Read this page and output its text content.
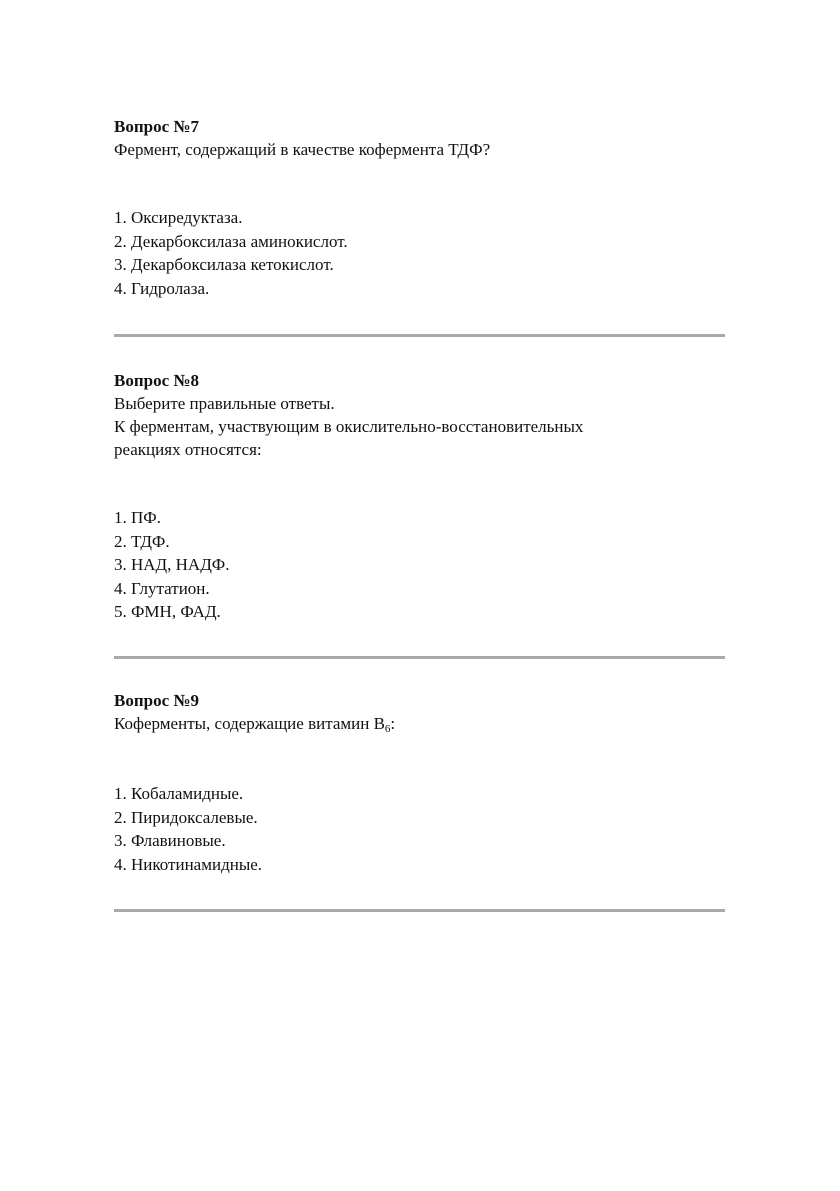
Вопрос №7

Фермент, содержащий в качестве кофермента ТДФ?

1. Оксиредуктаза.
2. Декарбоксилаза аминокислот.
3. Декарбоксилаза кетокислот.
4. Гидролаза.

Вопрос №8

Выберите правильные ответы.

К ферментам, участвующим в окислительно-восстановительных

реакциях относятся:

1. ПФ.
2. ТДФ.
3. НАД, НАДФ.
4. Глутатион.
5. ФМН, ФАД.

Вопрос №9

Коферменты, содержащие витамин $B_6$:

1. Кобаламидные.
2. Пиридоксалевые.
3. Флавиновые.
4. Никотинамидные.
